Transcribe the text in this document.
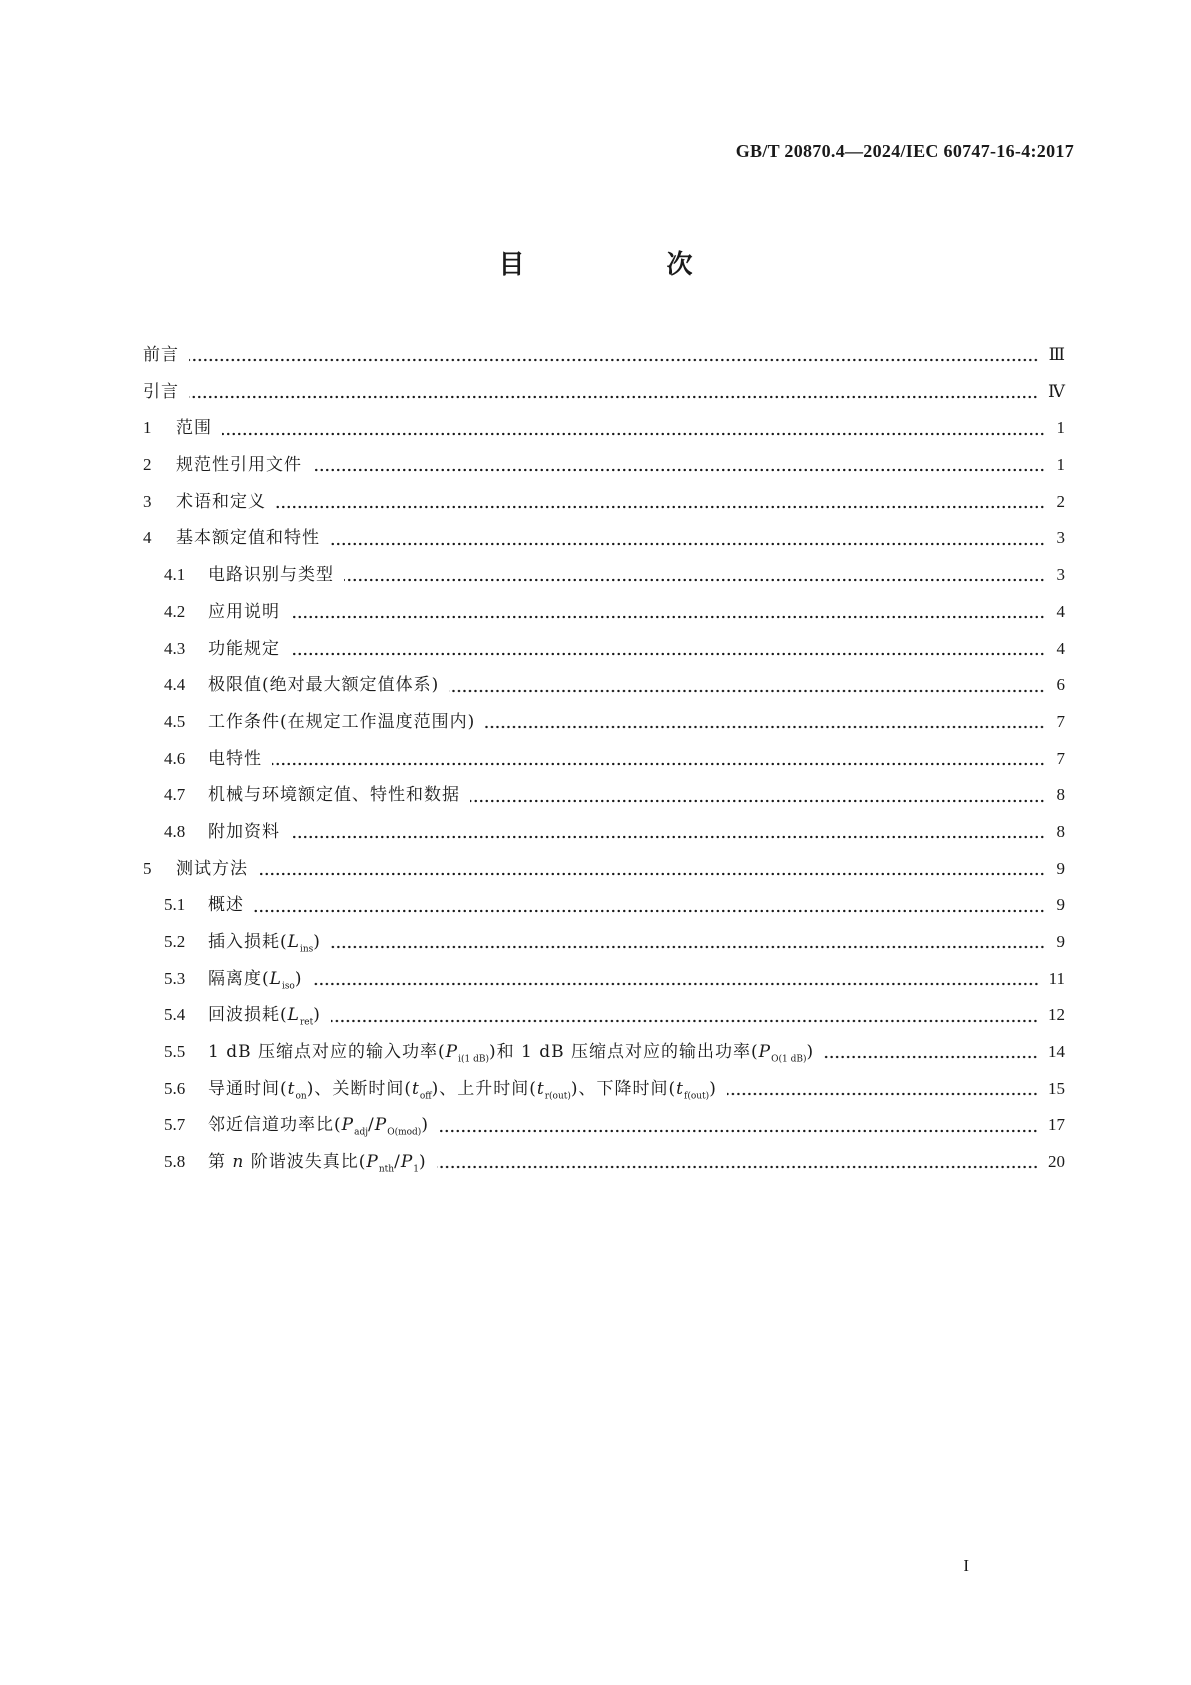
GB/T 20870.4—2024/IEC 60747-16-4:2017
目　次
前言	Ⅲ
引言	Ⅳ
1	范围	1
2	规范性引用文件	1
3	术语和定义	2
4	基本额定值和特性	3
4.1	电路识别与类型	3
4.2	应用说明	4
4.3	功能规定	4
4.4	极限值(绝对最大额定值体系)	6
4.5	工作条件(在规定工作温度范围内)	7
4.6	电特性	7
4.7	机械与环境额定值、特性和数据	8
4.8	附加资料	8
5	测试方法	9
5.1	概述	9
5.2	插入损耗$(L_{ins})$	9
5.3	隔离度$(L_{iso})$	11
5.4	回波损耗$(L_{ret})$	12
5.5	1 dB 压缩点对应的输入功率$(P_{i(1 dB)})$和 1 dB 压缩点对应的输出功率$(P_{O(1 dB)})$	14
5.6	导通时间$(t_{on})$、关断时间$(t_{off})$、上升时间$(t_{r(out)})$、下降时间$(t_{f(out)})$	15
5.7	邻近信道功率比$(P_{adj}/P_{O(mod)})$	17
5.8	第 n 阶谐波失真比$(P_{nth}/P_1)$	20
I
